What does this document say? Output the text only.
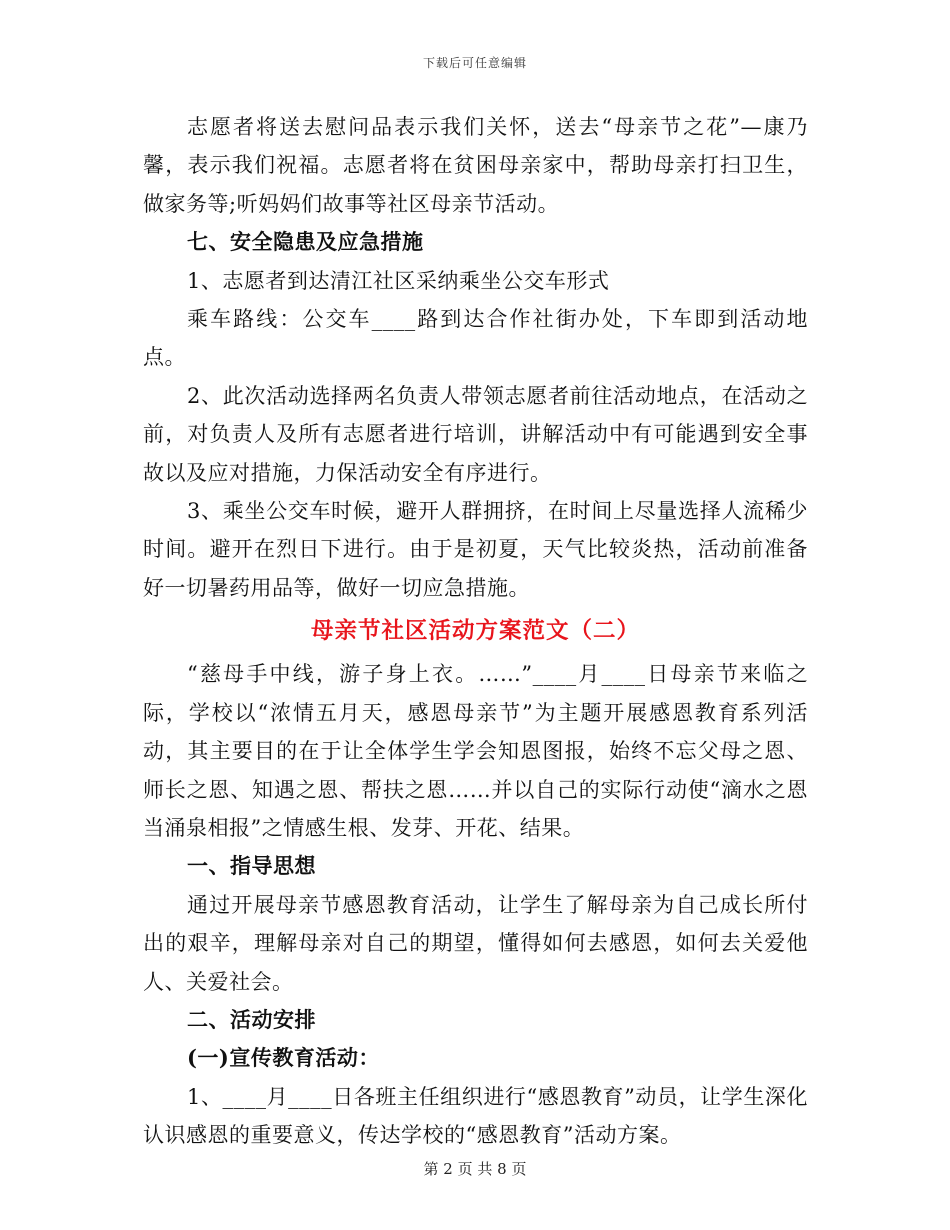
下载后可任意编辑

志愿者将送去慰问品表示我们关怀，送去“母亲节之花”—康乃馨，表示我们祝福。志愿者将在贫困母亲家中，帮助母亲打扫卫生，做家务等;听妈妈们故事等社区母亲节活动。

七、安全隐患及应急措施

1、志愿者到达清江社区采纳乘坐公交车形式

乘车路线：公交车____路到达合作社街办处，下车即到活动地点。

2、此次活动选择两名负责人带领志愿者前往活动地点，在活动之前，对负责人及所有志愿者进行培训，讲解活动中有可能遇到安全事故以及应对措施，力保活动安全有序进行。

3、乘坐公交车时候，避开人群拥挤，在时间上尽量选择人流稀少时间。避开在烈日下进行。由于是初夏，天气比较炎热，活动前准备好一切暑药用品等，做好一切应急措施。

母亲节社区活动方案范文（二）

“慈母手中线，游子身上衣。……”____月____日母亲节来临之际，学校以“浓情五月天，感恩母亲节”为主题开展感恩教育系列活动，其主要目的在于让全体学生学会知恩图报，始终不忘父母之恩、师长之恩、知遇之恩、帮扶之恩……并以自己的实际行动使“滴水之恩当涌泉相报”之情感生根、发芽、开花、结果。

一、指导思想

通过开展母亲节感恩教育活动，让学生了解母亲为自己成长所付出的艰辛，理解母亲对自己的期望，懂得如何去感恩，如何去关爱他人、关爱社会。

二、活动安排

(一)宣传教育活动：

1、____月____日各班主任组织进行“感恩教育”动员，让学生深化认识感恩的重要意义，传达学校的“感恩教育”活动方案。

第 2 页 共 8 页
